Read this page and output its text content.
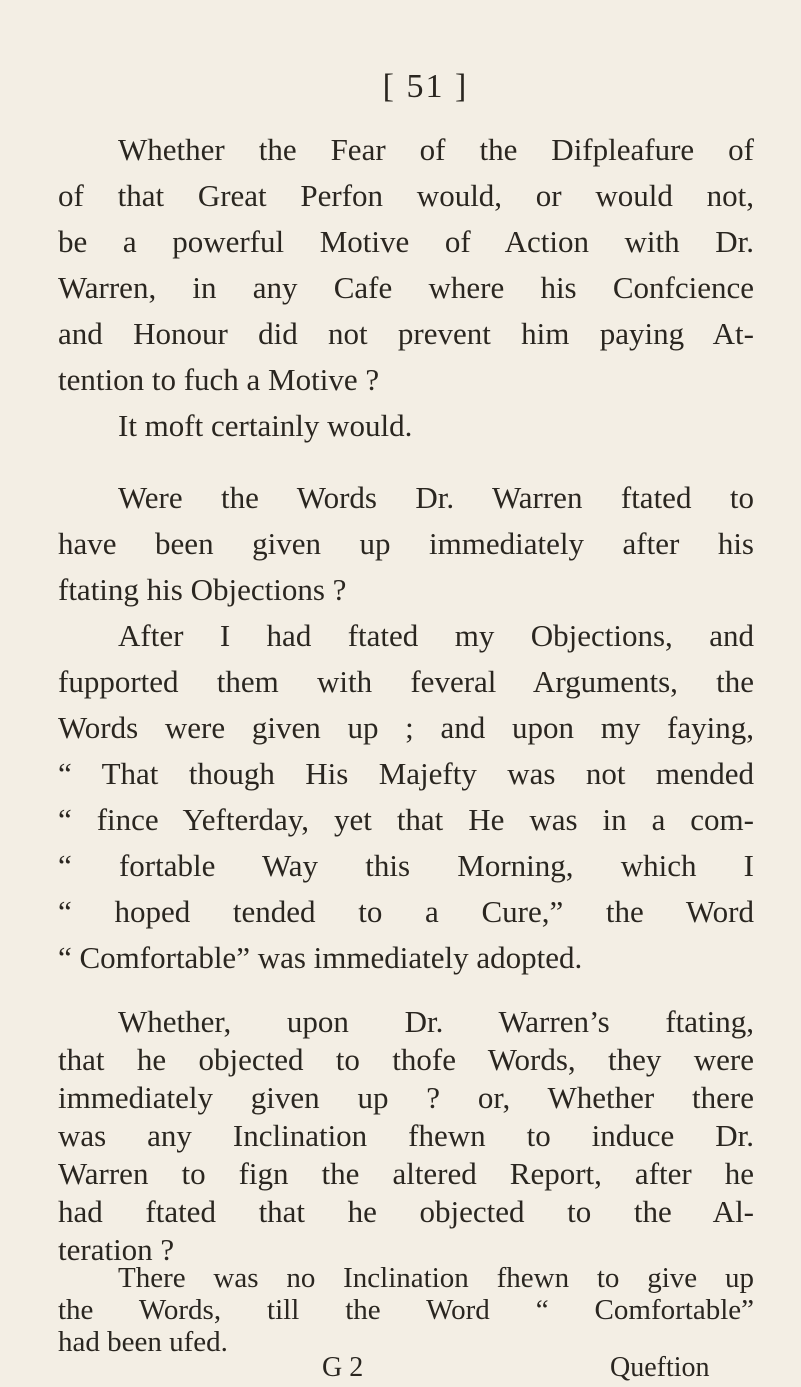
[ 51 ]
Whether the Fear of the Difpleafure of
of that Great Perfon would, or would not,
be a powerful Motive of Action with Dr.
Warren, in any Cafe where his Confcience
and Honour did not prevent him paying At-
tention to fuch a Motive ?
It moft certainly would.
Were the Words Dr. Warren ftated to
have been given up immediately after his
ftating his Objections ?
After I had ftated my Objections, and
fupported them with feveral Arguments, the
Words were given up ; and upon my faying,
“ That though His Majefty was not mended
“ fince Yefterday, yet that He was in a com-
“ fortable Way this Morning, which I
“ hoped tended to a Cure,” the Word
“ Comfortable” was immediately adopted.
Whether, upon Dr. Warren’s ftating,
that he objected to thofe Words, they were
immediately given up ? or, Whether there
was any Inclination fhewn to induce Dr.
Warren to fign the altered Report, after he
had ftated that he objected to the Al-
teration ?
There was no Inclination fhewn to give up
the Words, till the Word “ Comfortable”
had been ufed.
G 2	Queftion
